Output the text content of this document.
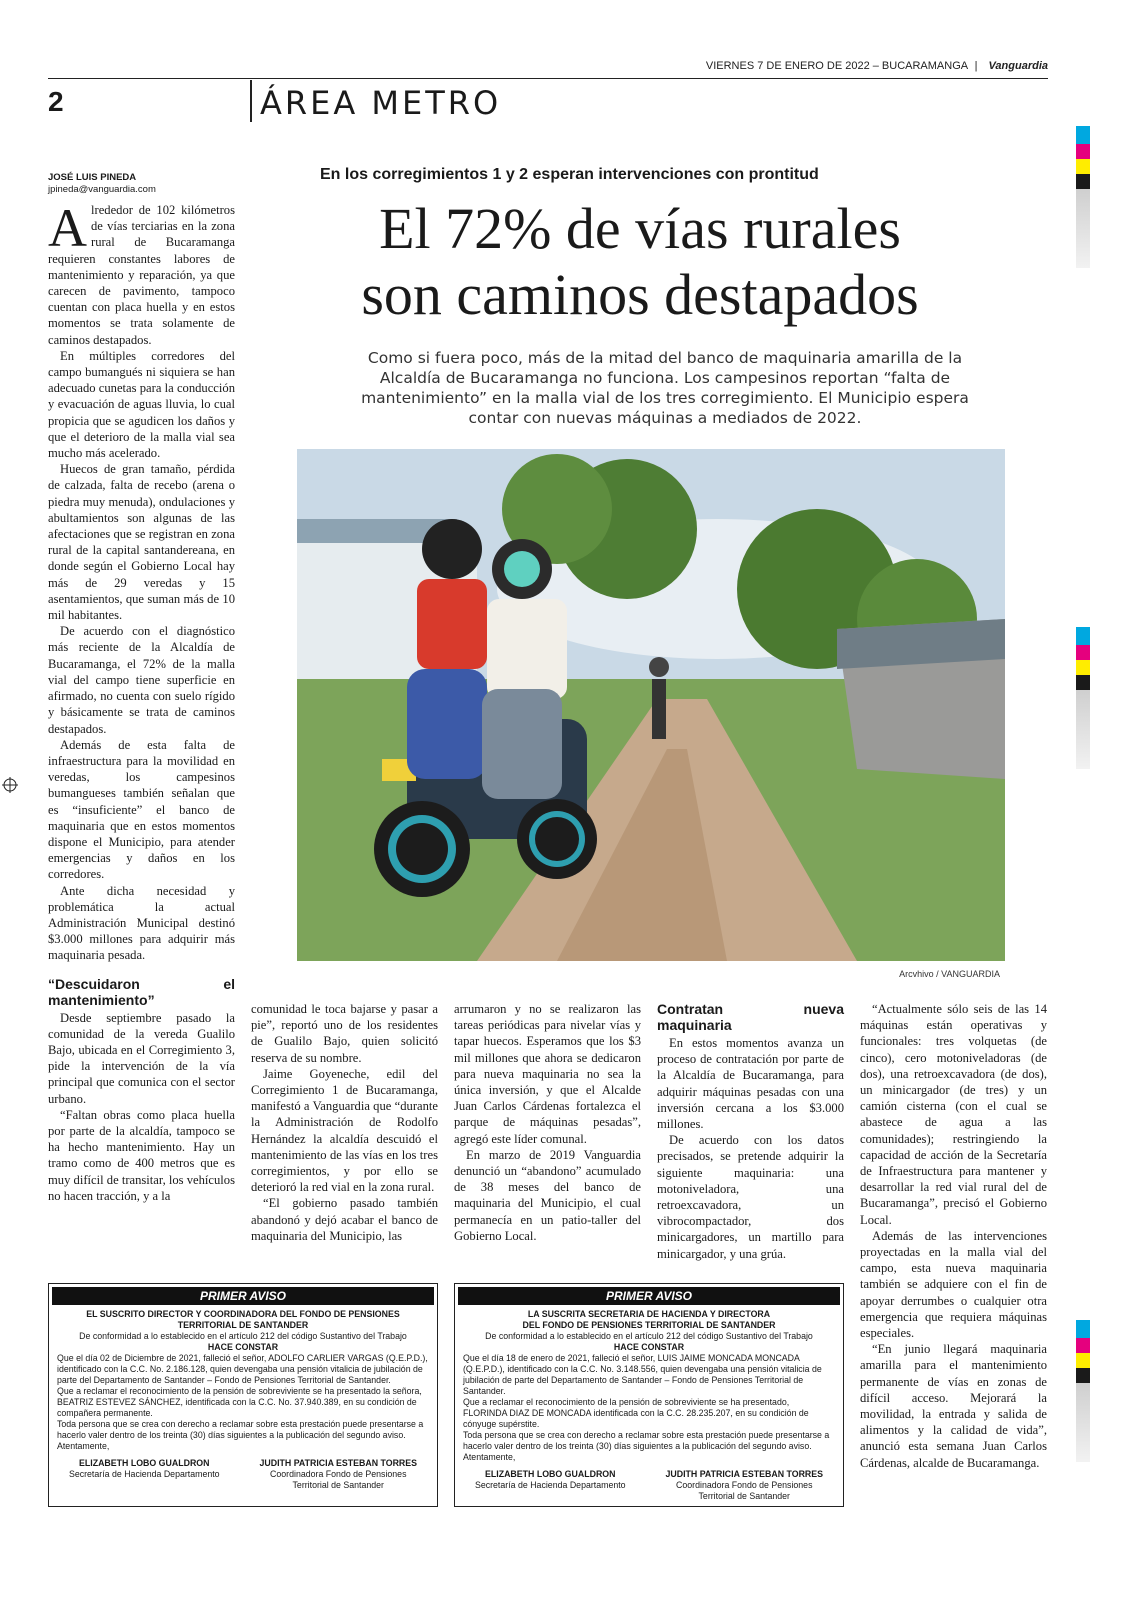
VIERNES 7 DE ENERO DE 2022 – BUCARAMANGA | Vanguardia
2	ÁREA METRO
JOSÉ LUIS PINEDA
jpineda@vanguardia.com
En los corregimientos 1 y 2 esperan intervenciones con prontitud
El 72% de vías rurales
son caminos destapados
Como si fuera poco, más de la mitad del banco de maquinaria amarilla de la Alcaldía de Bucaramanga no funciona. Los campesinos reportan “falta de mantenimiento” en la malla vial de los tres corregimiento. El Municipio espera contar con nuevas máquinas a mediados de 2022.
Arcvhivo / VANGUARDIA
A lrededor de 102 kilómetros de vías terciarias en la zona rural de Bucaramanga requieren constantes labores de mantenimiento y reparación, ya que carecen de pavimento, tampoco cuentan con placa huella y en estos momentos se trata solamente de caminos destapados.

En múltiples corredores del campo bumangués ni siquiera se han adecuado cunetas para la conducción y evacuación de aguas lluvia, lo cual propicia que se agudicen los daños y que el deterioro de la malla vial sea mucho más acelerado.

Huecos de gran tamaño, pérdida de calzada, falta de recebo (arena o piedra muy menuda), ondulaciones y abultamientos son algunas de las afectaciones que se registran en zona rural de la capital santandereana, en donde según el Gobierno Local hay más de 29 veredas y 15 asentamientos, que suman más de 10 mil habitantes.

De acuerdo con el diagnóstico más reciente de la Alcaldía de Bucaramanga, el 72% de la malla vial del campo tiene superficie en afirmado, no cuenta con suelo rígido y básicamente se trata de caminos destapados.

Además de esta falta de infraestructura para la movilidad en veredas, los campesinos bumangueses también señalan que es “insuficiente” el banco de maquinaria que en estos momentos dispone el Municipio, para atender emergencias y daños en los corredores.

Ante dicha necesidad y problemática la actual Administración Municipal destinó $3.000 millones para adquirir más maquinaria pesada.

“Descuidaron el mantenimiento”

Desde septiembre pasado la comunidad de la vereda Gualilo Bajo, ubicada en el Corregimiento 3, pide la intervención de la vía principal que comunica con el sector urbano.

“Faltan obras como placa huella por parte de la alcaldía, tampoco se ha hecho mantenimiento. Hay un tramo como de 400 metros que es muy difícil de transitar, los vehículos no hacen tracción, y a la

comunidad le toca bajarse y pasar a pie”, reportó uno de los residentes de Gualilo Bajo, quien solicitó reserva de su nombre.

Jaime Goyeneche, edil del Corregimiento 1 de Bucaramanga, manifestó a Vanguardia que “durante la Administración de Rodolfo Hernández la alcaldía descuidó el mantenimiento de las vías en los tres corregimientos, y por ello se deterioró la red vial en la zona rural.

“El gobierno pasado también abandonó y dejó acabar el banco de maquinaria del Municipio, las

arrumaron y no se realizaron las tareas periódicas para nivelar vías y tapar huecos. Esperamos que los $3 mil millones que ahora se dedicaron para nueva maquinaria no sea la única inversión, y que el Alcalde Juan Carlos Cárdenas fortalezca el parque de máquinas pesadas”, agregó este líder comunal.

En marzo de 2019 Vanguardia denunció un “abandono” acumulado de 38 meses del banco de maquinaria del Municipio, el cual permanecía en un patio-taller del Gobierno Local.

Contratan nueva maquinaria

En estos momentos avanza un proceso de contratación por parte de la Alcaldía de Bucaramanga, para adquirir máquinas pesadas con una inversión cercana a los $3.000 millones.

De acuerdo con los datos precisados, se pretende adquirir la siguiente maquinaria: una motoniveladora, una retroexcavadora, un vibrocompactador, dos minicargadores, un martillo para minicargador, y una grúa.

“Actualmente sólo seis de las 14 máquinas están operativas y funcionales: tres volquetas (de cinco), cero motoniveladoras (de dos), una retroexcavadora (de dos), un minicargador (de tres) y un camión cisterna (con el cual se abastece de agua a las comunidades); restringiendo la capacidad de acción de la Secretaría de Infraestructura para mantener y desarrollar la red vial rural del de Bucaramanga”, precisó el Gobierno Local.

Además de las intervenciones proyectadas en la malla vial del campo, esta nueva maquinaria también se adquiere con el fin de apoyar derrumbes o cualquier otra emergencia que requiera máquinas especiales.

“En junio llegará maquinaria amarilla para el mantenimiento permanente de vías en zonas de difícil acceso. Mejorará la movilidad, la entrada y salida de alimentos y la calidad de vida”, anunció esta semana Juan Carlos Cárdenas, alcalde de Bucaramanga.

PRIMER AVISO
EL SUSCRITO DIRECTOR Y COORDINADORA DEL FONDO DE PENSIONES
TERRITORIAL DE SANTANDER
De conformidad a lo establecido en el artículo 212 del código Sustantivo del Trabajo
HACE CONSTAR

Que el día 02 de Diciembre de 2021, falleció el señor, ADOLFO CARLIER VARGAS (Q.E.P.D.), identificado con la C.C. No. 2.186.128, quien devengaba una pensión vitalicia de jubilación de parte del Departamento de Santander – Fondo de Pensiones Territorial de Santander.

Que a reclamar el reconocimiento de la pensión de sobreviviente se ha presentado la señora, BEATRIZ ESTEVEZ SÁNCHEZ, identificada con la C.C. No. 37.940.389, en su condición de compañera permanente.

Toda persona que se crea con derecho a reclamar sobre esta prestación puede presentarse a hacerlo valer dentro de los treinta (30) días siguientes a la publicación del segundo aviso.

Atentamente,

ELIZABETH LOBO GUALDRON
Secretaría de Hacienda Departamento
JUDITH PATRICIA ESTEBAN TORRES
Coordinadora Fondo de Pensiones
Territorial de Santander
PRIMER AVISO
LA SUSCRITA SECRETARIA DE HACIENDA Y DIRECTORA
DEL FONDO DE PENSIONES TERRITORIAL DE SANTANDER
De conformidad a lo establecido en el artículo 212 del código Sustantivo del Trabajo
HACE CONSTAR

Que el día 18 de enero de 2021, falleció el señor, LUIS JAIME MONCADA MONCADA (Q.E.P.D.), identificado con la C.C. No. 3.148.556, quien devengaba una pensión vitalicia de jubilación de parte del Departamento de Santander – Fondo de Pensiones Territorial de Santander.

Que a reclamar el reconocimiento de la pensión de sobreviviente se ha presentado, FLORINDA DIAZ DE MONCADA identificada con la C.C. 28.235.207, en su condición de cónyuge supérstite.

Toda persona que se crea con derecho a reclamar sobre esta prestación puede presentarse a hacerlo valer dentro de los treinta (30) días siguientes a la publicación del segundo aviso.

Atentamente,

ELIZABETH LOBO GUALDRON
Secretaría de Hacienda Departamento
JUDITH PATRICIA ESTEBAN TORRES
Coordinadora Fondo de Pensiones
Territorial de Santander
